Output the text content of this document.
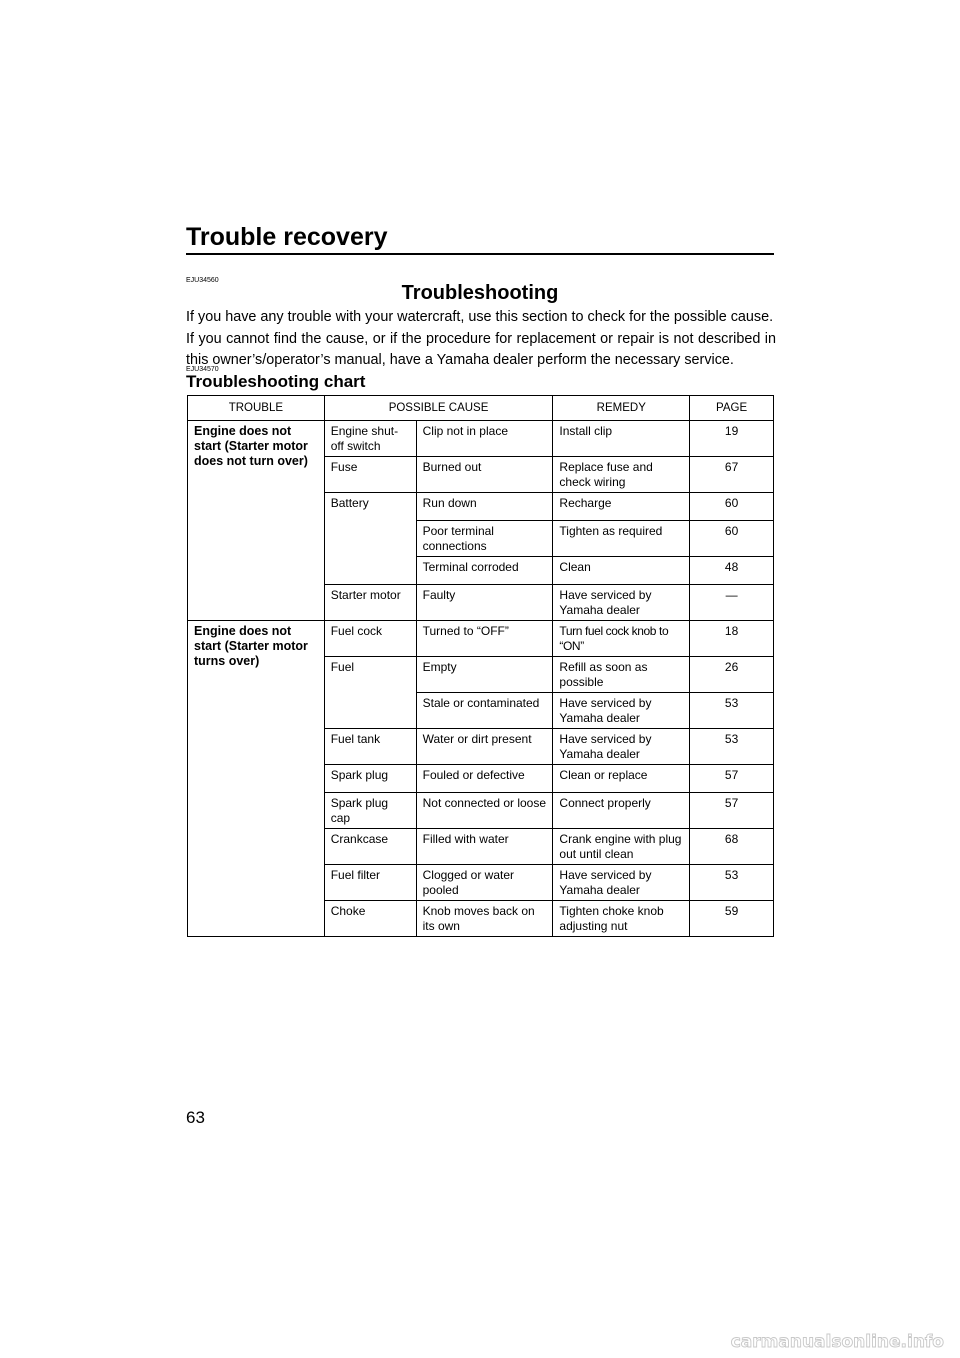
Trouble recovery
EJU34560
Troubleshooting

If you have any trouble with your watercraft, use this section to check for the possible cause.

If you cannot find the cause, or if the procedure for replacement or repair is not described in this owner’s/operator’s manual, have a Yamaha dealer perform the necessary service.

EJU34570
Troubleshooting chart
TROUBLE	POSSIBLE CAUSE		REMEDY	PAGE
Engine does not start (Starter motor does not turn over)	Engine shut-off switch	Clip not in place	Install clip	19
	Fuse	Burned out	Replace fuse and check wiring	67
	Battery	Run down	Recharge	60
		Poor terminal connections	Tighten as required	60
		Terminal corroded	Clean	48
	Starter motor	Faulty	Have serviced by Yamaha dealer	—
Engine does not start (Starter motor turns over)	Fuel cock	Turned to “OFF”	Turn fuel cock knob to “ON”	18
	Fuel	Empty	Refill as soon as possible	26
		Stale or contaminated	Have serviced by Yamaha dealer	53
	Fuel tank	Water or dirt present	Have serviced by Yamaha dealer	53
	Spark plug	Fouled or defective	Clean or replace	57
	Spark plug cap	Not connected or loose	Connect properly	57
	Crankcase	Filled with water	Crank engine with plug out until clean	68
	Fuel filter	Clogged or water pooled	Have serviced by Yamaha dealer	53
	Choke	Knob moves back on its own	Tighten choke knob adjusting nut	59

63

carmanualsonline.info
